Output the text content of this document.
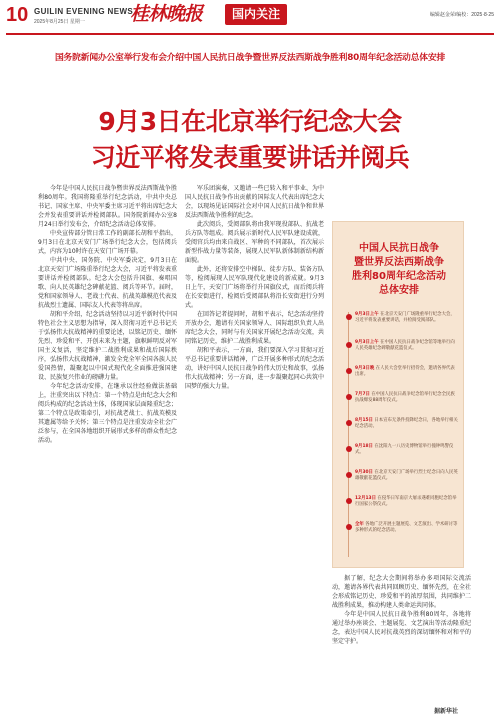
10 GUILIN EVENING NEWS
2025年8月25日 星期一 桂林晚报	国内关注	编辑赵金荣/编校：2025·8·25
国务院新闻办公室举行发布会介绍中国人民抗日战争暨世界反法西斯战争胜利80周年纪念活动总体安排
9月3日在北京举行纪念大会
习近平将发表重要讲话并阅兵

今年是中国人民抗日战争暨世界反法西斯战争胜利80周年。我国将隆重举行纪念活动，中共中央总书记、国家主席、中央军委主席习近平将出席纪念大会并发表重要讲话并检阅部队。国务院新闻办公室8月24日举行发布会，介绍纪念活动总体安排。

中央宣传部分管日常工作的副部长胡和平指出，9月3日在北京天安门广场举行纪念大会，包括阅兵式，内容为10时许在天安门广场开幕。

中共中央、国务院、中央军委决定，9月3日在北京天安门广场隆重举行纪念大会，习近平将发表重要讲话并检阅部队。纪念大会包括升国旗、奏唱国歌、向人民英雄纪念碑献花篮、阅兵等环节。届时，党和国家领导人、老战士代表、抗战英雄模范代表及抗战烈士遗属、国际友人代表等将出席。

胡和平介绍，纪念活动坚持以习近平新时代中国特色社会主义思想为指导，深入贯彻习近平总书记关于弘扬伟大抗战精神的重要论述，以铭记历史、缅怀先烈、珍爱和平、开创未来为主题，旗帜鲜明反对军国主义复活，坚定维护二战胜利成果和战后国际秩序，弘扬伟大抗战精神，激发全党全军全国各族人民爱国热情，凝聚起以中国式现代化全面推进强国建设、民族复兴伟业的磅礴力量。

今年纪念活动安排，在继承以往经验做法基础上，注重突出以下特点：第一个特点是由纪念大会和阅兵构成的纪念活动主体，体现国家层面隆重纪念；第二个特点是政策牵引，对抗战老战士、抗战英模及其遗属等给予关怀；第三个特点是注重发动全社会广泛参与，在全国各地组织开展形式多样的群众性纪念活动。

军乐团演奏，又邀请一些已转入和平事业、为中国人民抗日战争作出贡献的国际友人代表出席纪念大会，以现场见证国际社会对中国人民抗日战争和世界反法西斯战争胜利的纪念。

此次阅兵，受阅部队将由我军现役部队、抗战老兵方队等组成。阅兵展示新时代人民军队建设成就，受阅官兵均由来自战区、军种的不同部队，首次展示新型作战力量等装备，展现人民军队新体制新结构新面貌。

此外，还将安排空中梯队、徒步方队、装备方队等，检阅展现人民军队现代化建设的新成就。9月3日上午，天安门广场将举行升国旗仪式，而后阅兵将在长安街进行，检阅后受阅部队将沿长安街进行分列式。

在回答记者提问时，胡和平表示，纪念活动坚持开放办会，邀请有关国家领导人、国际组织负责人出席纪念大会，同时与有关国家开展纪念活动交流，共同铭记历史，维护二战胜利成果。

胡和平表示，一方面，我们要深入学习贯彻习近平总书记重要讲话精神，广泛开展多种形式的纪念活动，讲好中国人民抗日战争的伟大历史和故事，弘扬伟大抗战精神；另一方面，进一步凝聚起同心共筑中国梦的强大力量。

中国人民抗日战争
暨世界反法西斯战争
胜利80周年纪念活动
总体安排
9月3日上午 在北京天安门广场隆重举行纪念大会，习近平将发表重要讲话，并检阅受阅部队。
9月3日上午 在中国人民抗日战争纪念馆等地举行向人民英雄纪念碑敬献花篮仪式。
9月3日晚 在人民大会堂举行招待会，邀请各界代表出席。
7月7日 在中国人民抗日战争纪念馆举行纪念全民族抗战爆发88周年仪式。
8月15日 日本宣布无条件投降纪念日，各地举行相关纪念活动。
9月18日 在沈阳九一八历史博物馆举行撞钟鸣警仪式。
9月30日 在北京天安门广场举行烈士纪念日向人民英雄敬献花篮仪式。
12月13日 在侵华日军南京大屠杀遇难同胞纪念馆举行国家公祭仪式。
全年 各地广泛开展主题展览、文艺演出、学术研讨等多种形式的纪念活动。

据了解，纪念大会期间将举办多项国际交流活动，邀请各界代表共同回顾历史、缅怀先烈，在全社会形成铭记历史、珍爱和平的浓厚氛围，共同维护二战胜利成果，推动构建人类命运共同体。

今年是中国人民抗日战争胜利80周年，各地将通过举办座谈会、主题展览、文艺演出等活动隆重纪念，表达中国人民对抗战英烈的深切缅怀和对和平的坚定守护。

据新华社
